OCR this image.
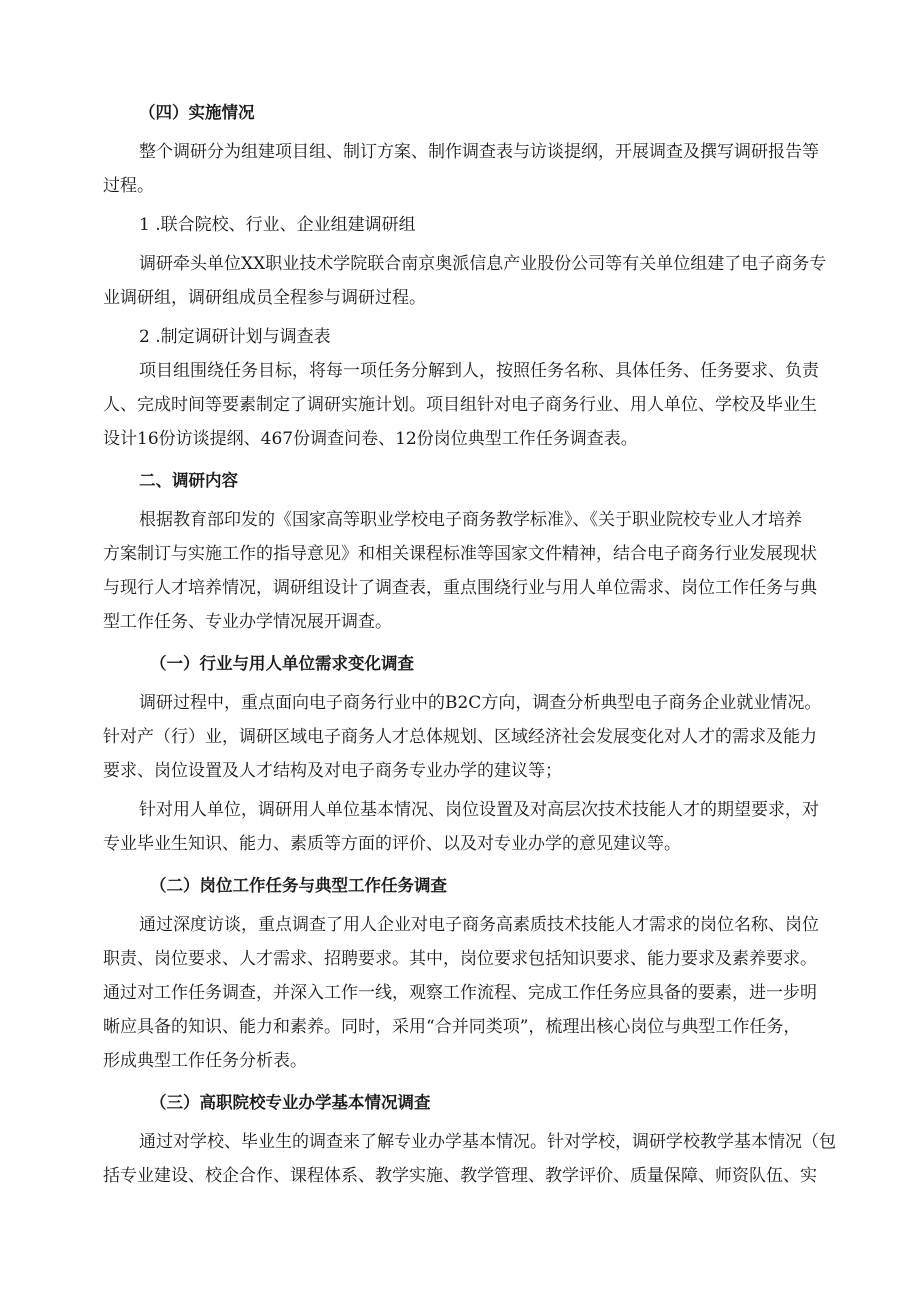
（四）实施情况

整个调研分为组建项目组、制订方案、制作调查表与访谈提纲，开展调查及撰写调研报告等

过程。

1 .联合院校、行业、企业组建调研组

调研牵头单位XX职业技术学院联合南京奥派信息产业股份公司等有关单位组建了电子商务专

业调研组，调研组成员全程参与调研过程。

2 .制定调研计划与调查表

项目组围绕任务目标，将每一项任务分解到人，按照任务名称、具体任务、任务要求、负责

人、完成时间等要素制定了调研实施计划。项目组针对电子商务行业、用人单位、学校及毕业生

设计16份访谈提纲、467份调查问卷、12份岗位典型工作任务调查表。

二、调研内容

根据教育部印发的《国家高等职业学校电子商务教学标准》、《关于职业院校专业人才培养

方案制订与实施工作的指导意见》和相关课程标准等国家文件精神，结合电子商务行业发展现状

与现行人才培养情况，调研组设计了调查表，重点围绕行业与用人单位需求、岗位工作任务与典

型工作任务、专业办学情况展开调查。

（一）行业与用人单位需求变化调查

调研过程中，重点面向电子商务行业中的B2C方向，调查分析典型电子商务企业就业情况。

针对产（行）业，调研区域电子商务人才总体规划、区域经济社会发展变化对人才的需求及能力

要求、岗位设置及人才结构及对电子商务专业办学的建议等；

针对用人单位，调研用人单位基本情况、岗位设置及对高层次技术技能人才的期望要求，对

专业毕业生知识、能力、素质等方面的评价、以及对专业办学的意见建议等。

（二）岗位工作任务与典型工作任务调查

通过深度访谈，重点调查了用人企业对电子商务高素质技术技能人才需求的岗位名称、岗位

职责、岗位要求、人才需求、招聘要求。其中，岗位要求包括知识要求、能力要求及素养要求。

通过对工作任务调查，并深入工作一线，观察工作流程、完成工作任务应具备的要素，进一步明

晰应具备的知识、能力和素养。同时，采用“合并同类项”，梳理出核心岗位与典型工作任务，

形成典型工作任务分析表。

（三）高职院校专业办学基本情况调查

通过对学校、毕业生的调查来了解专业办学基本情况。针对学校，调研学校教学基本情况（包

括专业建设、校企合作、课程体系、教学实施、教学管理、教学评价、质量保障、师资队伍、实
